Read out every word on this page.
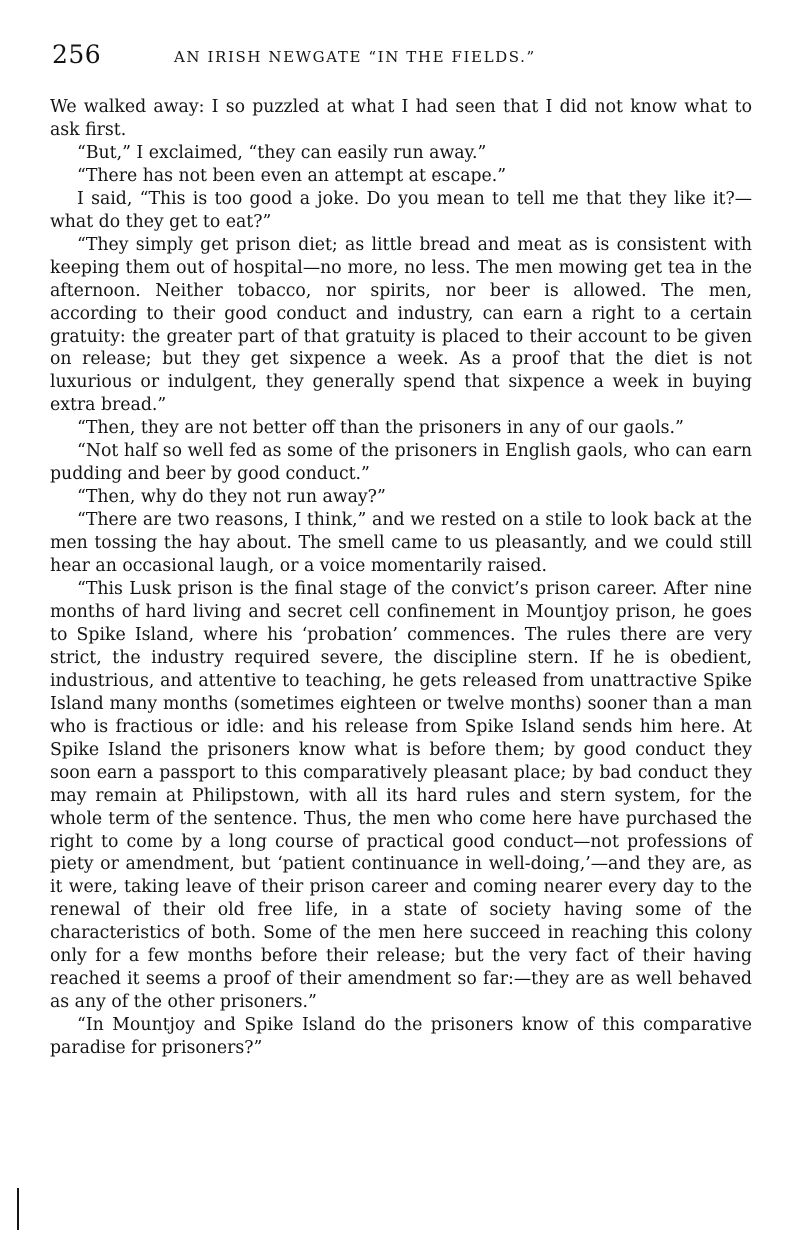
256	AN IRISH NEWGATE “IN THE FIELDS.”

We walked away: I so puzzled at what I had seen that I did not know what to ask first.

“But,” I exclaimed, “they can easily run away.”

“There has not been even an attempt at escape.”

I said, “This is too good a joke. Do you mean to tell me that they like it?—what do they get to eat?”

“They simply get prison diet; as little bread and meat as is consistent with keeping them out of hospital—no more, no less. The men mowing get tea in the afternoon. Neither tobacco, nor spirits, nor beer is allowed. The men, according to their good conduct and industry, can earn a right to a certain gratuity: the greater part of that gratuity is placed to their account to be given on release; but they get sixpence a week. As a proof that the diet is not luxurious or indulgent, they generally spend that sixpence a week in buying extra bread.”

“Then, they are not better off than the prisoners in any of our gaols.”

“Not half so well fed as some of the prisoners in English gaols, who can earn pudding and beer by good conduct.”

“Then, why do they not run away?”

“There are two reasons, I think,” and we rested on a stile to look back at the men tossing the hay about. The smell came to us pleasantly, and we could still hear an occasional laugh, or a voice momentarily raised.

“This Lusk prison is the final stage of the convict’s prison career. After nine months of hard living and secret cell confinement in Mountjoy prison, he goes to Spike Island, where his ‘probation’ commences. The rules there are very strict, the industry required severe, the discipline stern. If he is obedient, industrious, and attentive to teaching, he gets released from unattractive Spike Island many months (sometimes eighteen or twelve months) sooner than a man who is fractious or idle: and his release from Spike Island sends him here. At Spike Island the prisoners know what is before them; by good conduct they soon earn a passport to this comparatively pleasant place; by bad conduct they may remain at Philipstown, with all its hard rules and stern system, for the whole term of the sentence. Thus, the men who come here have purchased the right to come by a long course of practical good conduct—not professions of piety or amendment, but ‘patient continuance in well-doing,’—and they are, as it were, taking leave of their prison career and coming nearer every day to the renewal of their old free life, in a state of society having some of the characteristics of both. Some of the men here succeed in reaching this colony only for a few months before their release; but the very fact of their having reached it seems a proof of their amendment so far:—they are as well behaved as any of the other prisoners.”

“In Mountjoy and Spike Island do the prisoners know of this comparative paradise for prisoners?”
